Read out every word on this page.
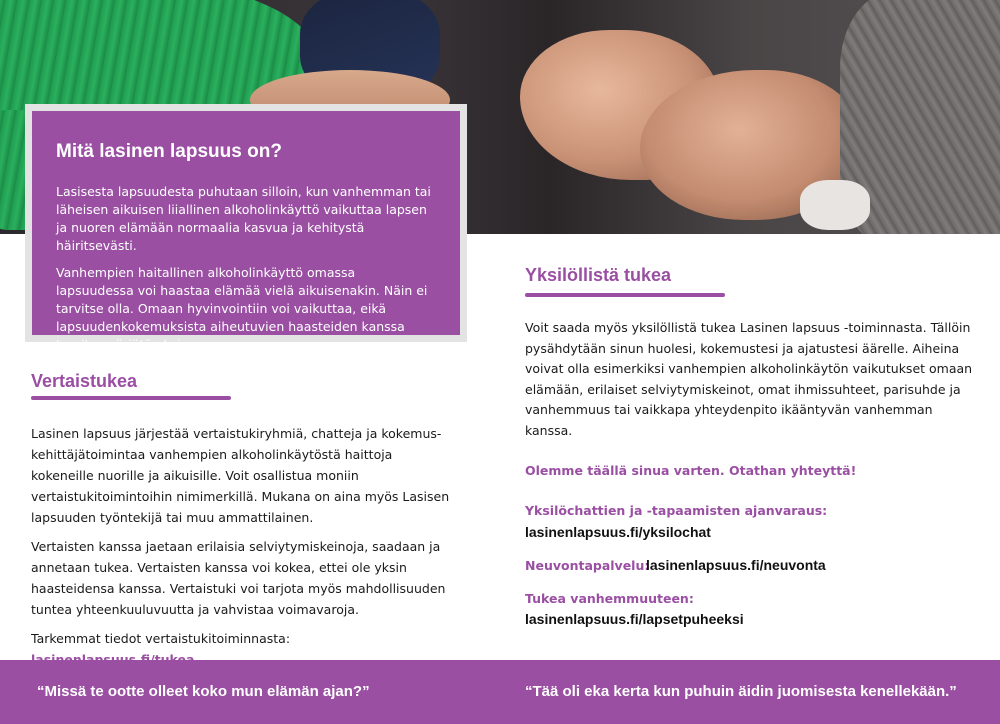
Mitä lasinen lapsuus on?

Lasisesta lapsuudesta puhutaan silloin, kun vanhemman tai läheisen aikuisen liiallinen alkoholinkäyttö vaikuttaa lapsen ja nuoren elämään normaalia kasvua ja kehitystä häiritsevästi.

Vanhempien haitallinen alkoholinkäyttö omassa lapsuudessa voi haastaa elämää vielä aikuisenakin. Näin ei tarvitse olla. Omaan hyvinvointiin voi vaikuttaa, eikä lapsuudenkokemuksista aiheutuvien haasteiden kanssa tarvitse pärjätä yksin.

Vertaistukea

Lasinen lapsuus järjestää vertaistukiryhmiä, chatteja ja kokemus-kehittäjätoimintaa vanhempien alkoholinkäytöstä haittoja kokeneille nuorille ja aikuisille. Voit osallistua moniin vertaistukitoimintoihin nimimerkillä. Mukana on aina myös Lasisen lapsuuden työntekijä tai muu ammattilainen.

Vertaisten kanssa jaetaan erilaisia selviytymiskeinoja, saadaan ja annetaan tukea. Vertaisten kanssa voi kokea, ettei ole yksin haasteidensa kanssa. Vertaistuki voi tarjota myös mahdollisuuden tuntea yhteenkuuluvuutta ja vahvistaa voimavaroja.

Tarkemmat tiedot vertaistukitoiminnasta:

Yksilöllistä tukea
Voit saada myös yksilöllistä tukea Lasinen lapsuus -toiminnasta. Tällöin pysähdytään sinun huolesi, kokemustesi ja ajatustesi äärelle. Aiheina voivat olla esimerkiksi vanhempien alkoholinkäytön vaikutukset omaan elämään, erilaiset selviytymiskeinot, omat ihmissuhteet, parisuhde ja vanhemmuus tai vaikkapa yhteydenpito ikääntyvän vanhemman kanssa.
Olemme täällä sinua varten. Otathan yhteyttä!
Yksilöchattien ja -tapaamisten ajanvaraus:
lasinenlapsuus.fi/yksilochat
Neuvontapalvelu:
lasinenlapsuus.fi/neuvonta
Tukea vanhemmuuteen:
lasinenlapsuus.fi/lapsetpuheeksi
“Missä te ootte olleet koko mun elämän ajan?”	“Tää oli eka kerta kun puhuin äidin juomisesta kenellekään.”
